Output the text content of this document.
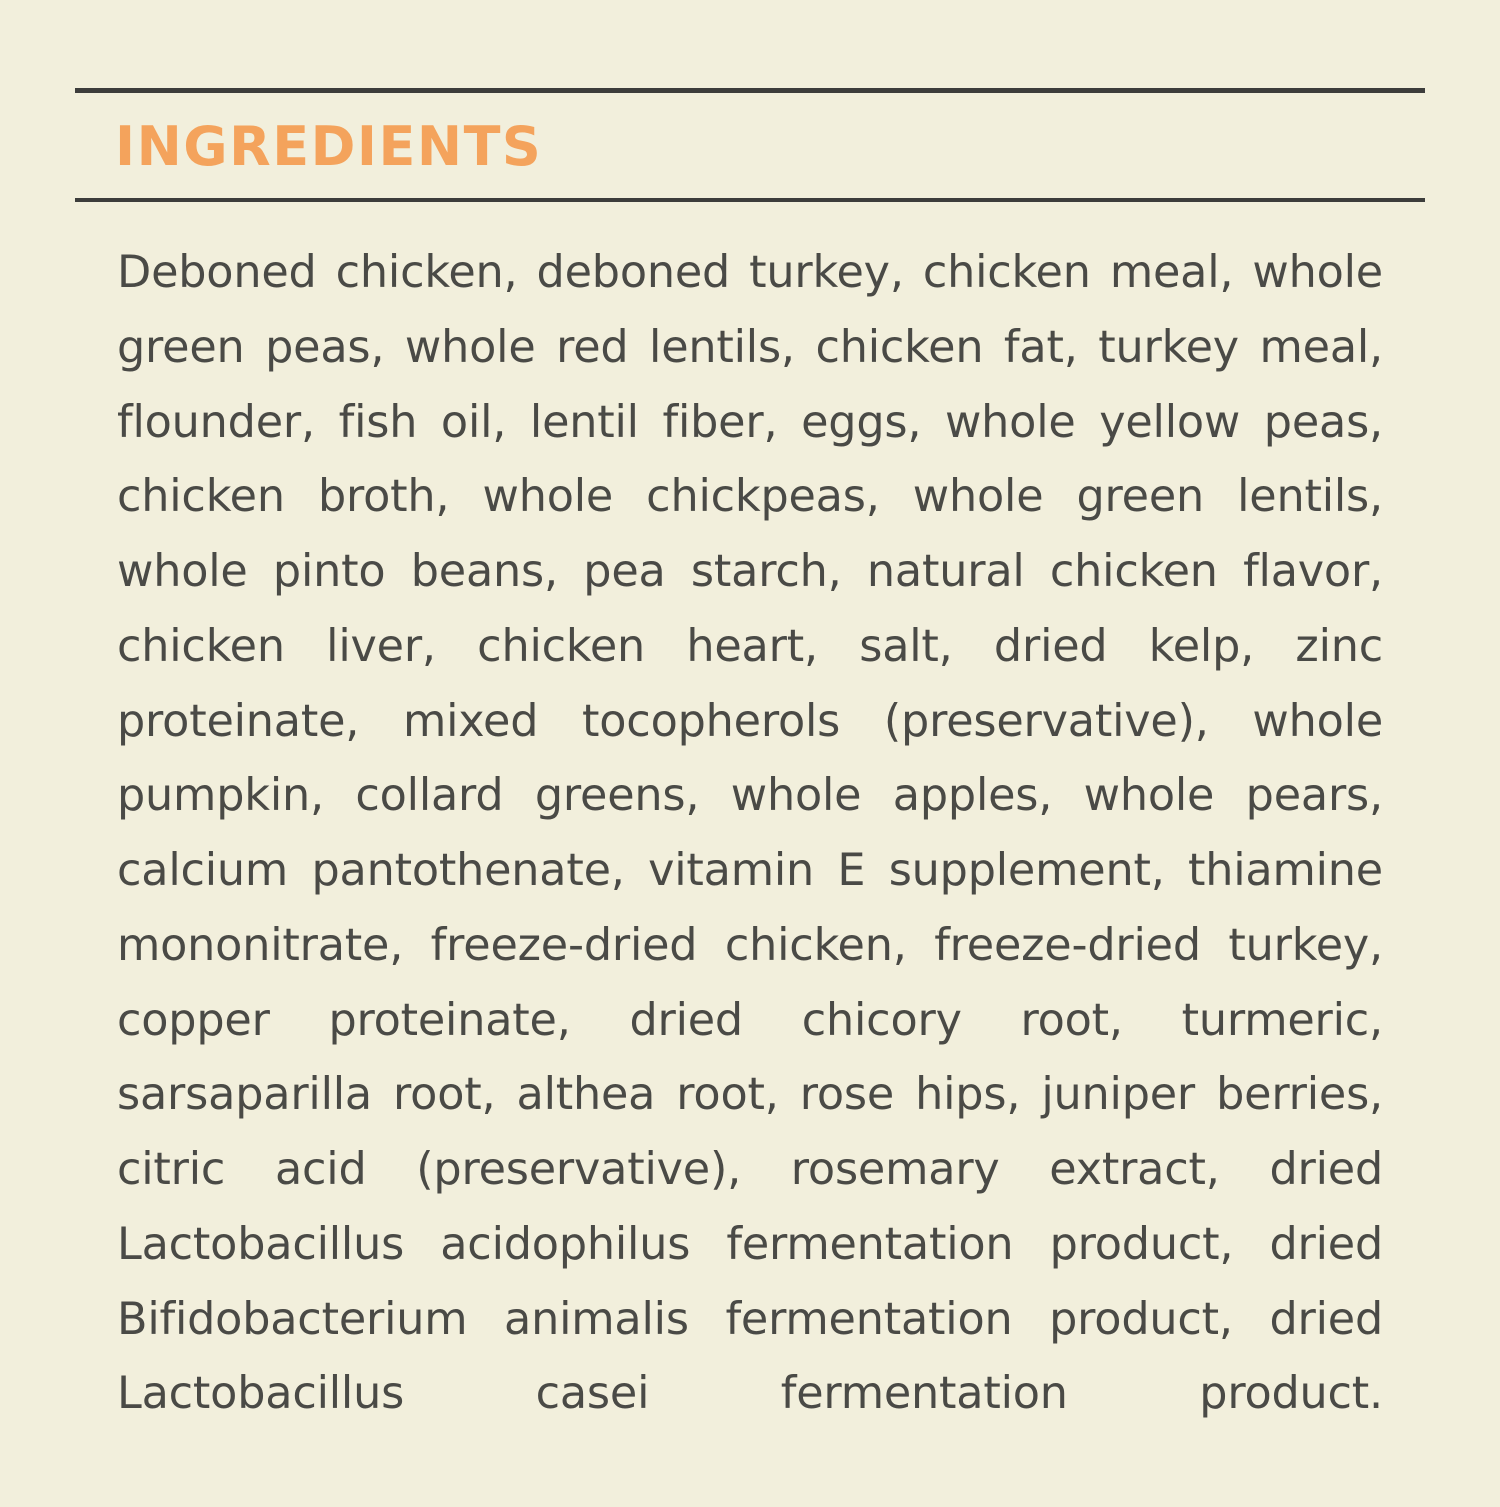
INGREDIENTS
Deboned chicken, deboned turkey, chicken meal, whole green peas, whole red lentils, chicken fat, turkey meal, flounder, fish oil, lentil fiber, eggs, whole yellow peas, chicken broth, whole chickpeas, whole green lentils, whole pinto beans, pea starch, natural chicken flavor, chicken liver, chicken heart, salt, dried kelp, zinc proteinate, mixed tocopherols (preservative), whole pumpkin, collard greens, whole apples, whole pears, calcium pantothenate, vitamin E supplement, thiamine mononitrate, freeze-dried chicken, freeze-dried turkey, copper proteinate, dried chicory root, turmeric, sarsaparilla root, althea root, rose hips, juniper berries, citric acid (preservative), rosemary extract, dried Lactobacillus acidophilus fermentation product, dried Bifidobacterium animalis fermentation product, dried Lactobacillus casei fermentation product.
